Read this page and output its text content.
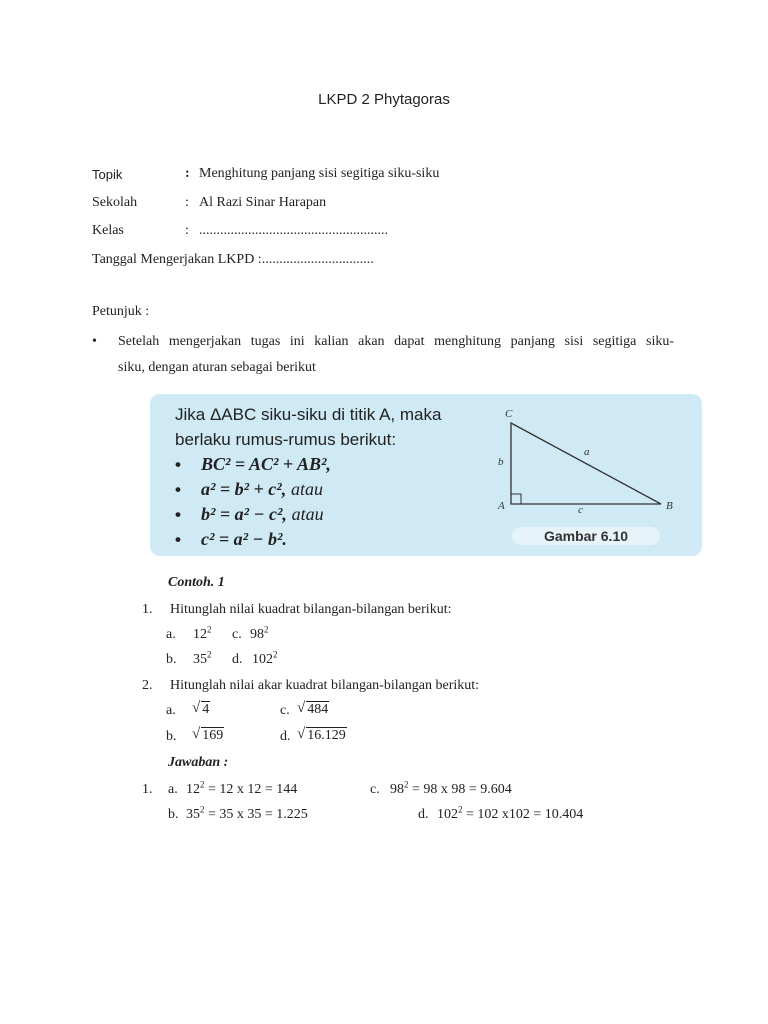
LKPD 2 Phytagoras
Topik	: Menghitung panjang sisi segitiga siku-siku
Sekolah	: Al Razi Sinar Harapan
Kelas	: ......................................................
Tanggal Mengerjakan LKPD :................................
Petunjuk :
• Setelah mengerjakan tugas ini kalian akan dapat menghitung panjang sisi segitiga siku-
siku, dengan aturan sebagai berikut
Jika ΔABC siku-siku di titik A, maka
berlaku rumus-rumus berikut:
• BC² = AC² + AB²,
• a² = b² + c², atau
• b² = a² − c², atau
• c² = a² − b².
C
A	B
a
b
c
Gambar 6.10
Contoh. 1
1. Hitunglah nilai kuadrat bilangan-bilangan berikut:
a. $12^2$ c. $98^2$
b. $35^2$ d. $102^2$
2. Hitunglah nilai akar kuadrat bilangan-bilangan berikut:
a. √ 4	c. √ 484
b. √ 169	d. √ 16.129
Jawaban :
1. a. $12^2 = 12$ x 12 = 144	c. $98^2 = 98$ x 98 = 9.604
b. $35^2 = 35$ x 35 = 1.225	d. $102^2 = 102$ x102 = 10.404
